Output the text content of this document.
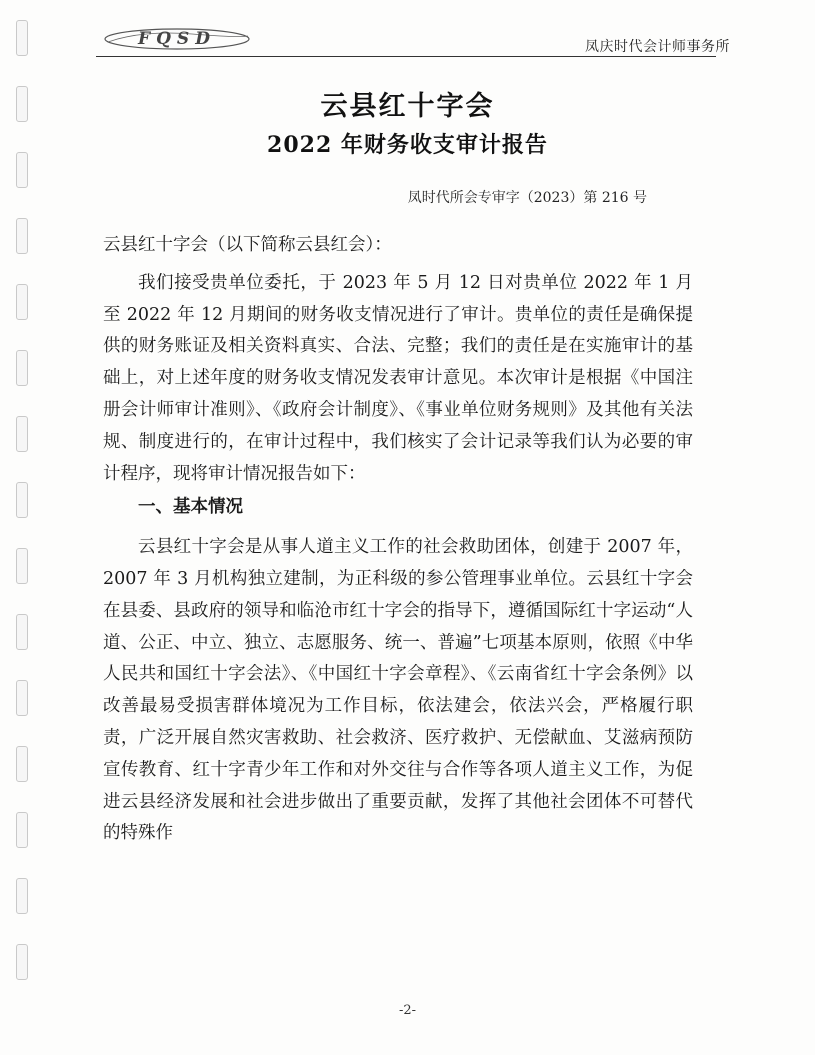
FQSD	凤庆时代会计师事务所
云县红十字会
2022 年财务收支审计报告
凤时代所会专审字（2023）第 216 号

云县红十字会（以下简称云县红会）：

我们接受贵单位委托，于 2023 年 5 月 12 日对贵单位 2022 年 1 月至 2022 年 12 月期间的财务收支情况进行了审计。贵单位的责任是确保提供的财务账证及相关资料真实、合法、完整；我们的责任是在实施审计的基础上，对上述年度的财务收支情况发表审计意见。本次审计是根据《中国注册会计师审计准则》、《政府会计制度》、《事业单位财务规则》及其他有关法规、制度进行的，在审计过程中，我们核实了会计记录等我们认为必要的审计程序，现将审计情况报告如下：

一、基本情况

云县红十字会是从事人道主义工作的社会救助团体，创建于 2007 年，2007 年 3 月机构独立建制，为正科级的参公管理事业单位。云县红十字会在县委、县政府的领导和临沧市红十字会的指导下，遵循国际红十字运动“人道、公正、中立、独立、志愿服务、统一、普遍”七项基本原则，依照《中华人民共和国红十字会法》、《中国红十字会章程》、《云南省红十字会条例》以改善最易受损害群体境况为工作目标，依法建会，依法兴会，严格履行职责，广泛开展自然灾害救助、社会救济、医疗救护、无偿献血、艾滋病预防宣传教育、红十字青少年工作和对外交往与合作等各项人道主义工作，为促进云县经济发展和社会进步做出了重要贡献，发挥了其他社会团体不可替代的特殊作

-2-
